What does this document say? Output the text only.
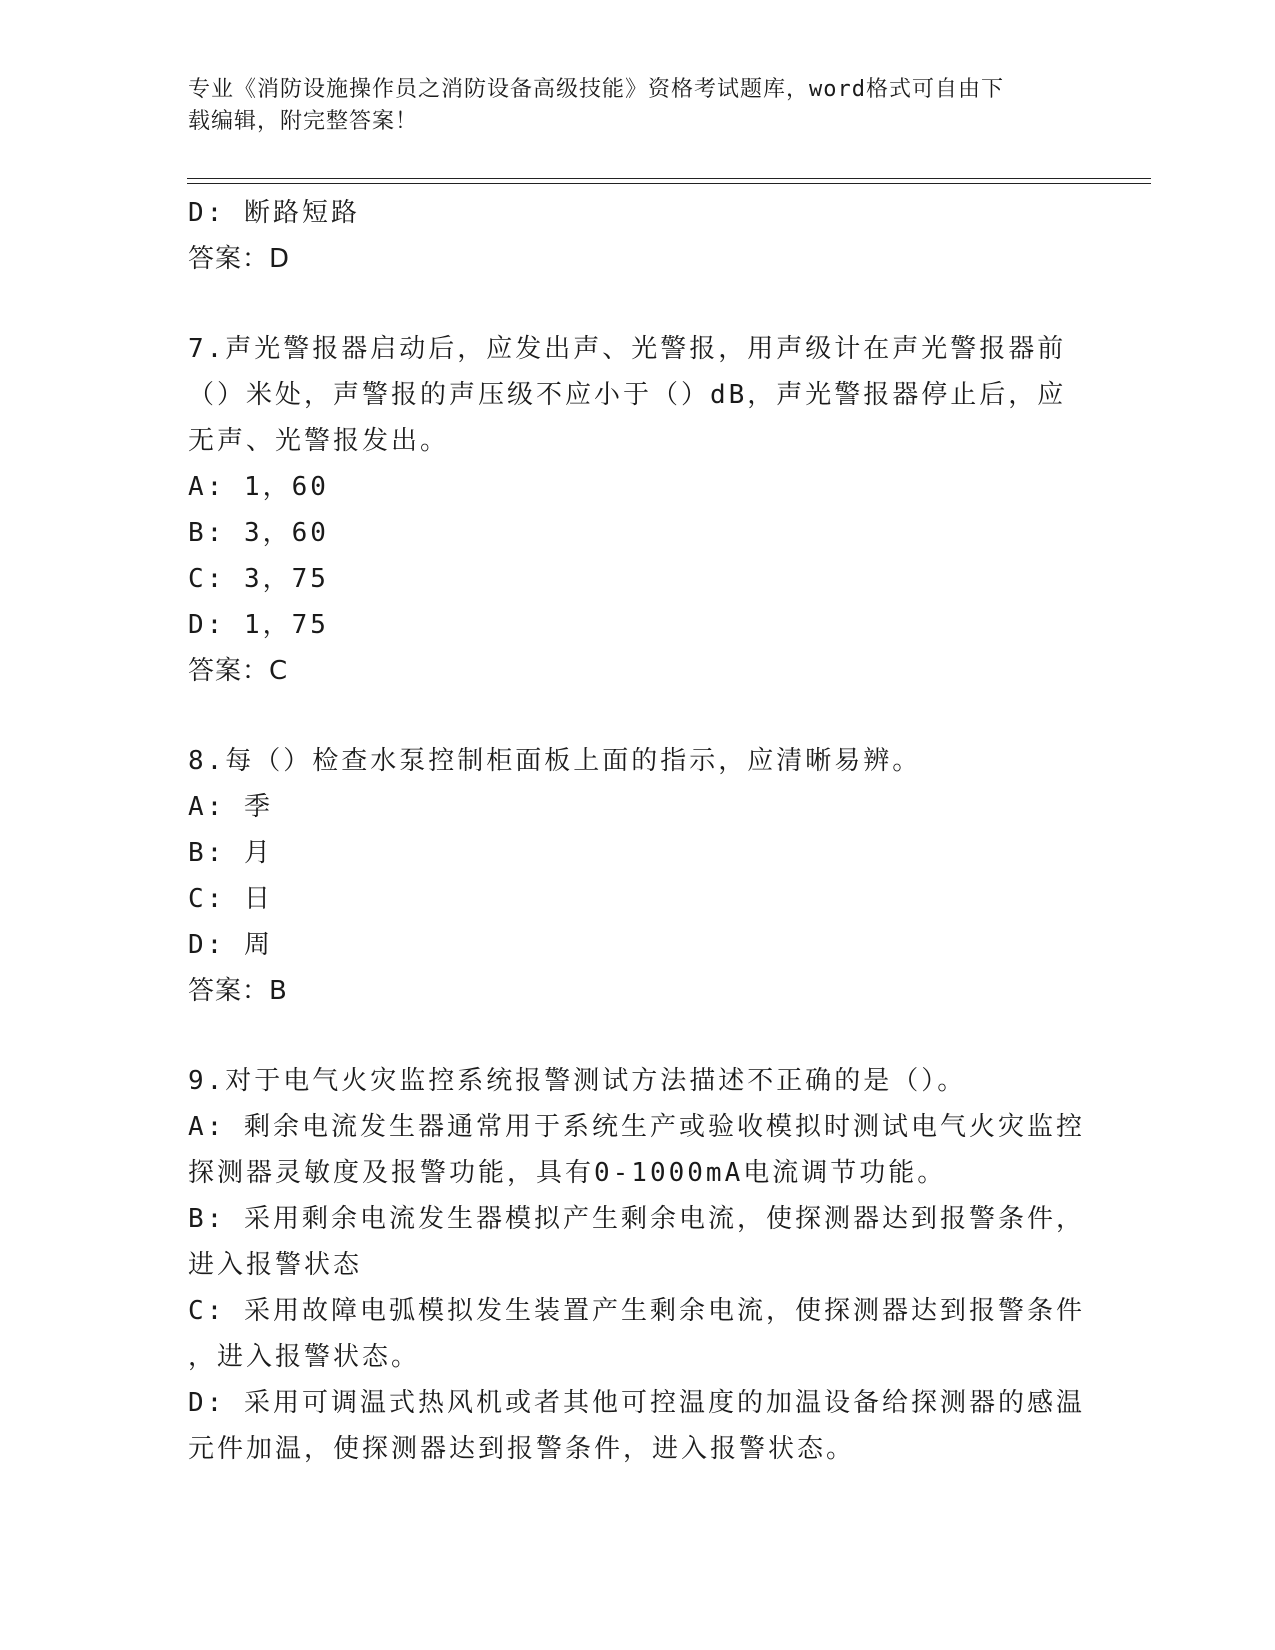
专业《消防设施操作员之消防设备高级技能》资格考试题库，word格式可自由下
载编辑，附完整答案！
D: 断路短路
答案：D
7.声光警报器启动后，应发出声、光警报，用声级计在声光警报器前
（）米处，声警报的声压级不应小于（）dB，声光警报器停止后，应
无声、光警报发出。
A: 1，60
B: 3，60
C: 3，75
D: 1，75
答案：C
8.每（）检查水泵控制柜面板上面的指示，应清晰易辨。
A: 季
B: 月
C: 日
D: 周
答案：B
9.对于电气火灾监控系统报警测试方法描述不正确的是（）。
A: 剩余电流发生器通常用于系统生产或验收模拟时测试电气火灾监控
探测器灵敏度及报警功能，具有0-1000mA电流调节功能。
B: 采用剩余电流发生器模拟产生剩余电流，使探测器达到报警条件，
进入报警状态
C: 采用故障电弧模拟发生装置产生剩余电流，使探测器达到报警条件
，进入报警状态。
D: 采用可调温式热风机或者其他可控温度的加温设备给探测器的感温
元件加温，使探测器达到报警条件，进入报警状态。
